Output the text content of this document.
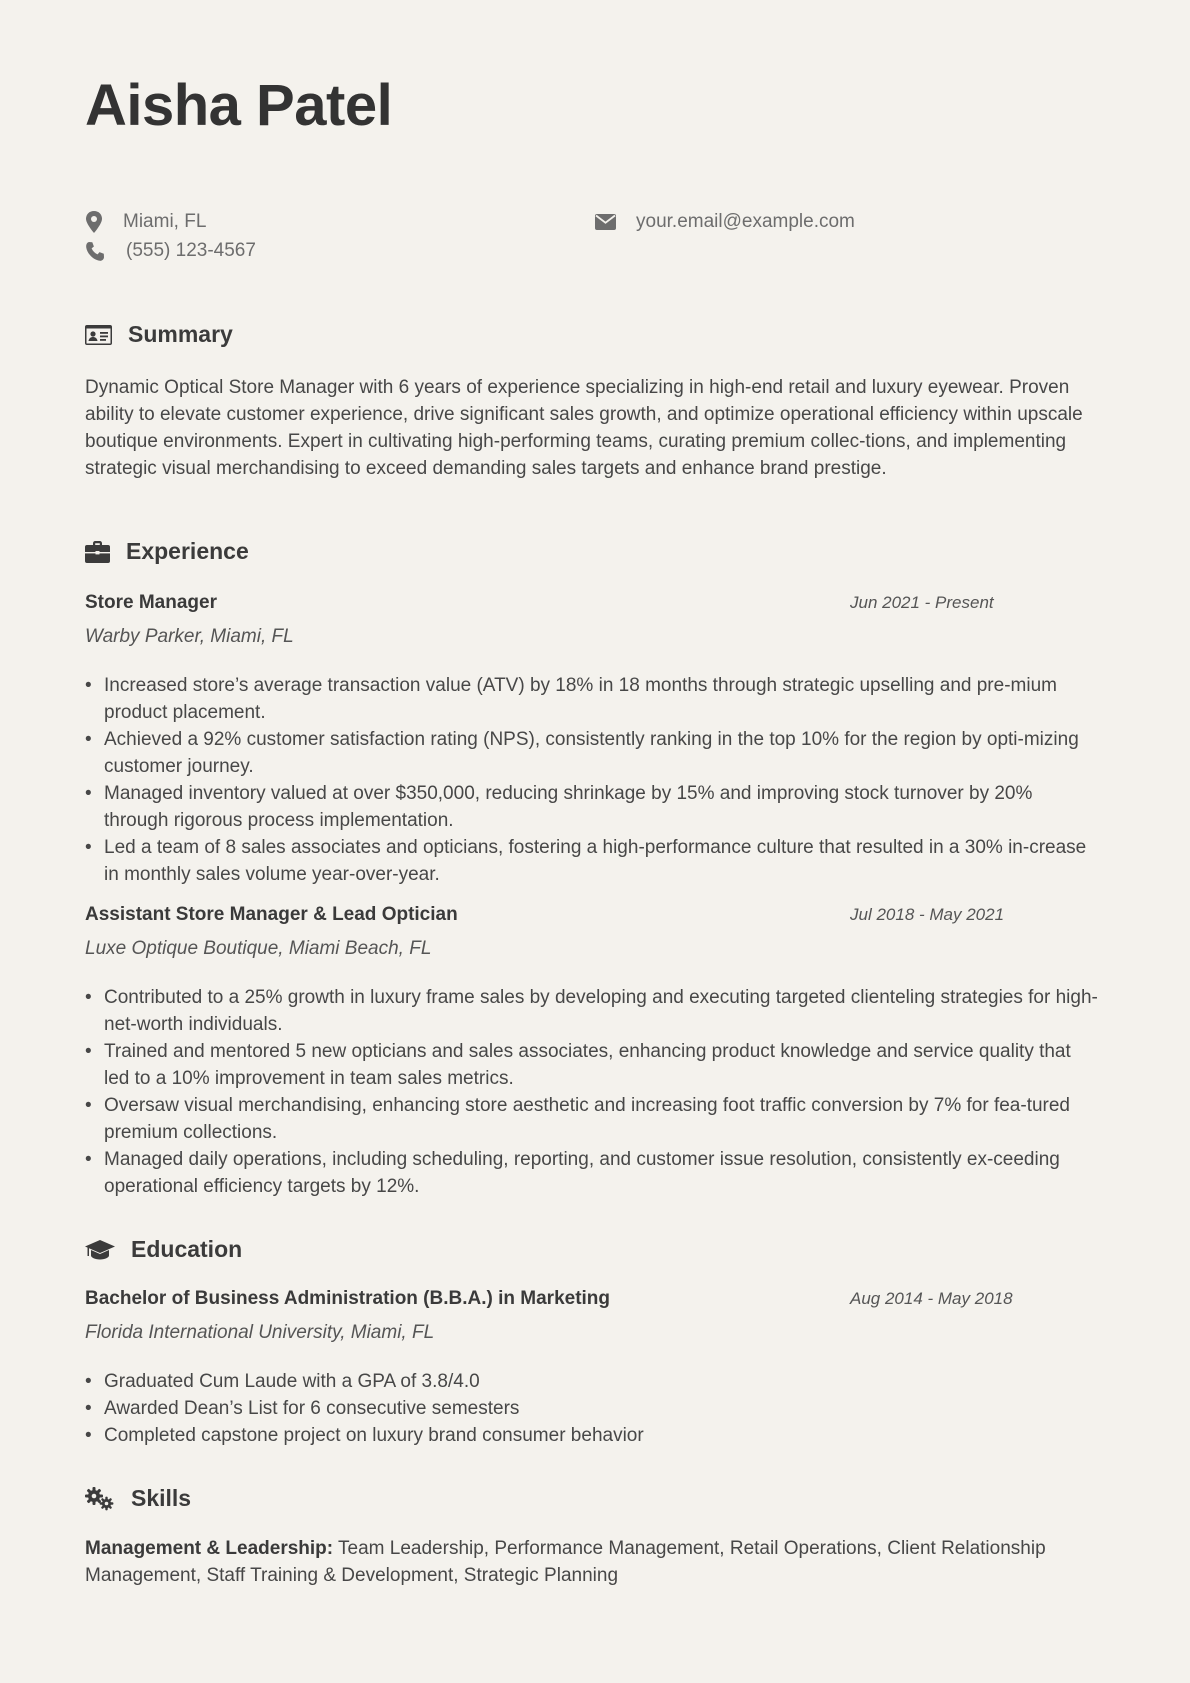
Aisha Patel
Miami, FL
(555) 123-4567
your.email@example.com
Summary

Dynamic Optical Store Manager with 6 years of experience specializing in high-end retail and luxury eyewear. Proven ability to elevate customer experience, drive significant sales growth, and optimize operational efficiency within upscale boutique environments. Expert in cultivating high-performing teams, curating premium collec-tions, and implementing strategic visual merchandising to exceed demanding sales targets and enhance brand prestige.

Experience
Store Manager	Jun 2021 - Present
Warby Parker, Miami, FL
• Increased store’s average transaction value (ATV) by 18% in 18 months through strategic upselling and pre-mium product placement.
• Achieved a 92% customer satisfaction rating (NPS), consistently ranking in the top 10% for the region by opti-mizing customer journey.
• Managed inventory valued at over $350,000, reducing shrinkage by 15% and improving stock turnover by 20% through rigorous process implementation.
• Led a team of 8 sales associates and opticians, fostering a high-performance culture that resulted in a 30% in-crease in monthly sales volume year-over-year.
Assistant Store Manager & Lead Optician	Jul 2018 - May 2021
Luxe Optique Boutique, Miami Beach, FL
• Contributed to a 25% growth in luxury frame sales by developing and executing targeted clienteling strategies for high-net-worth individuals.
• Trained and mentored 5 new opticians and sales associates, enhancing product knowledge and service quality that led to a 10% improvement in team sales metrics.
• Oversaw visual merchandising, enhancing store aesthetic and increasing foot traffic conversion by 7% for fea-tured premium collections.
• Managed daily operations, including scheduling, reporting, and customer issue resolution, consistently ex-ceeding operational efficiency targets by 12%.
Education
Bachelor of Business Administration (B.B.A.) in Marketing	Aug 2014 - May 2018
Florida International University, Miami, FL
• Graduated Cum Laude with a GPA of 3.8/4.0
• Awarded Dean’s List for 6 consecutive semesters
• Completed capstone project on luxury brand consumer behavior
Skills

Management & Leadership: Team Leadership, Performance Management, Retail Operations, Client Relationship Management, Staff Training & Development, Strategic Planning
